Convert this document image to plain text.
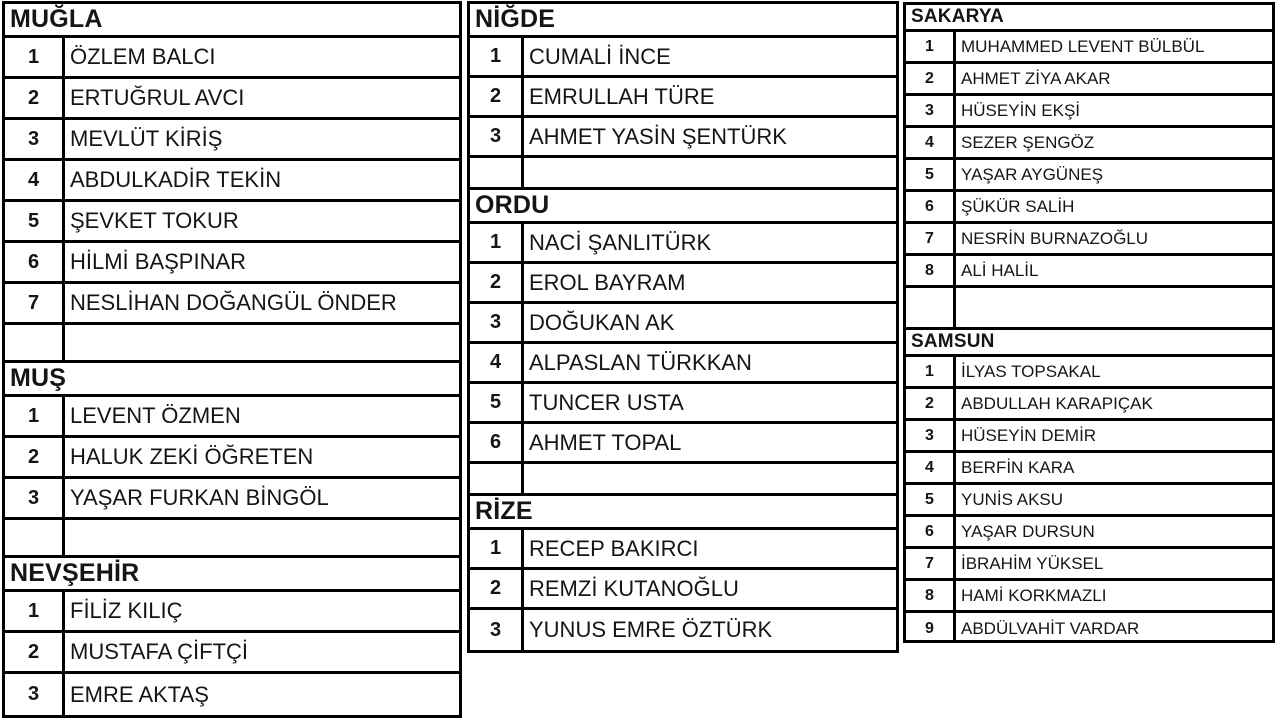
MUĞLA
1	ÖZLEM BALCI
2	ERTUĞRUL AVCI
3	MEVLÜT KİRİŞ
4	ABDULKADİR TEKİN
5	ŞEVKET TOKUR
6	HİLMİ BAŞPINAR
7	NESLİHAN DOĞANGÜL ÖNDER
MUŞ
1	LEVENT ÖZMEN
2	HALUK ZEKİ ÖĞRETEN
3	YAŞAR FURKAN BİNGÖL
NEVŞEHİR
1	FİLİZ KILIÇ
2	MUSTAFA ÇİFTÇİ
3	EMRE AKTAŞ
NİĞDE
1	CUMALİ İNCE
2	EMRULLAH TÜRE
3	AHMET YASİN ŞENTÜRK
ORDU
1	NACİ ŞANLITÜRK
2	EROL BAYRAM
3	DOĞUKAN AK
4	ALPASLAN TÜRKKAN
5	TUNCER USTA
6	AHMET TOPAL
RİZE
1	RECEP BAKIRCI
2	REMZİ KUTANOĞLU
3	YUNUS EMRE ÖZTÜRK
SAKARYA
1	MUHAMMED LEVENT BÜLBÜL
2	AHMET ZİYA AKAR
3	HÜSEYİN EKŞİ
4	SEZER ŞENGÖZ
5	YAŞAR AYGÜNEŞ
6	ŞÜKÜR SALİH
7	NESRİN BURNAZOĞLU
8	ALİ HALİL
SAMSUN
1	İLYAS TOPSAKAL
2	ABDULLAH KARAPIÇAK
3	HÜSEYİN DEMİR
4	BERFİN KARA
5	YUNİS AKSU
6	YAŞAR DURSUN
7	İBRAHİM YÜKSEL
8	HAMİ KORKMAZLI
9	ABDÜLVAHİT VARDAR
